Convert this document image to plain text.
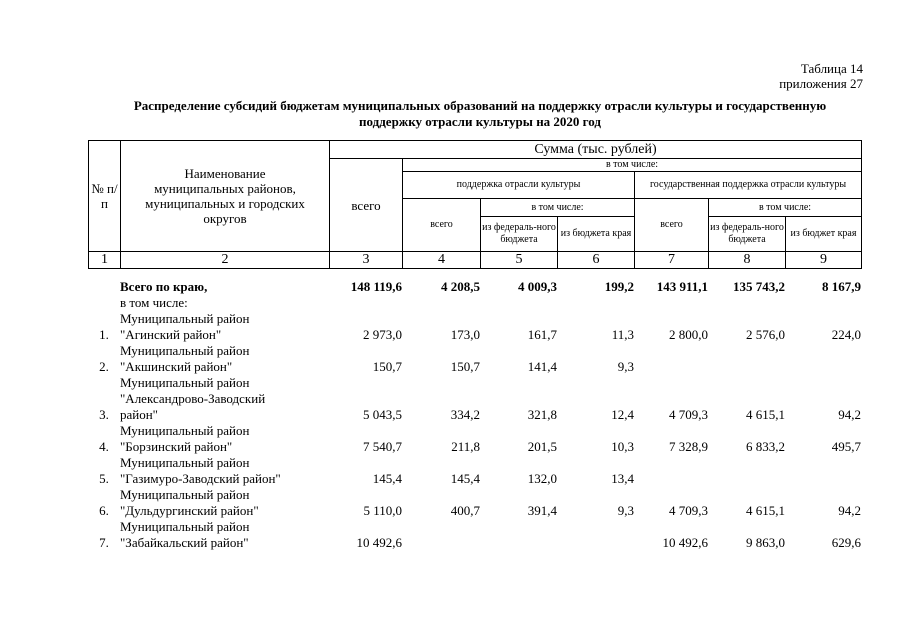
Таблица 14
приложения 27
Распределение субсидий бюджетам муниципальных образований на поддержку отрасли культуры и государственную
поддержку отрасли культуры на 2020 год
№ п/п	Наименование муниципальных районов, муниципальных и городских округов	Сумма (тыс. рублей)						
		всего	в том числе:					
			поддержка отрасли культуры			государственная поддержка отрасли культуры		
			всего	в том числе:		всего	в том числе:	
				из федераль-ного бюджета	из бюджета края		из федераль-ного бюджета	из бюджет края
1	2	3	4	5	6	7	8	9

	Всего по краю,
в том числе:	148 119,6	4 208,5	4 009,3	199,2	143 911,1	135 743,2	8 167,9
1.	Муниципальный район
"Агинский район"	2 973,0	173,0	161,7	11,3	2 800,0	2 576,0	224,0
2.	Муниципальный район
"Акшинский район"	150,7	150,7	141,4	9,3			
3.	Муниципальный район
"Александрово-Заводский
район"	5 043,5	334,2	321,8	12,4	4 709,3	4 615,1	94,2
4.	Муниципальный район
"Борзинский район"	7 540,7	211,8	201,5	10,3	7 328,9	6 833,2	495,7
5.	Муниципальный район
"Газимуро-Заводский район"	145,4	145,4	132,0	13,4			
6.	Муниципальный район
"Дульдургинский район"	5 110,0	400,7	391,4	9,3	4 709,3	4 615,1	94,2
7.	Муниципальный район
"Забайкальский район"	10 492,6				10 492,6	9 863,0	629,6
